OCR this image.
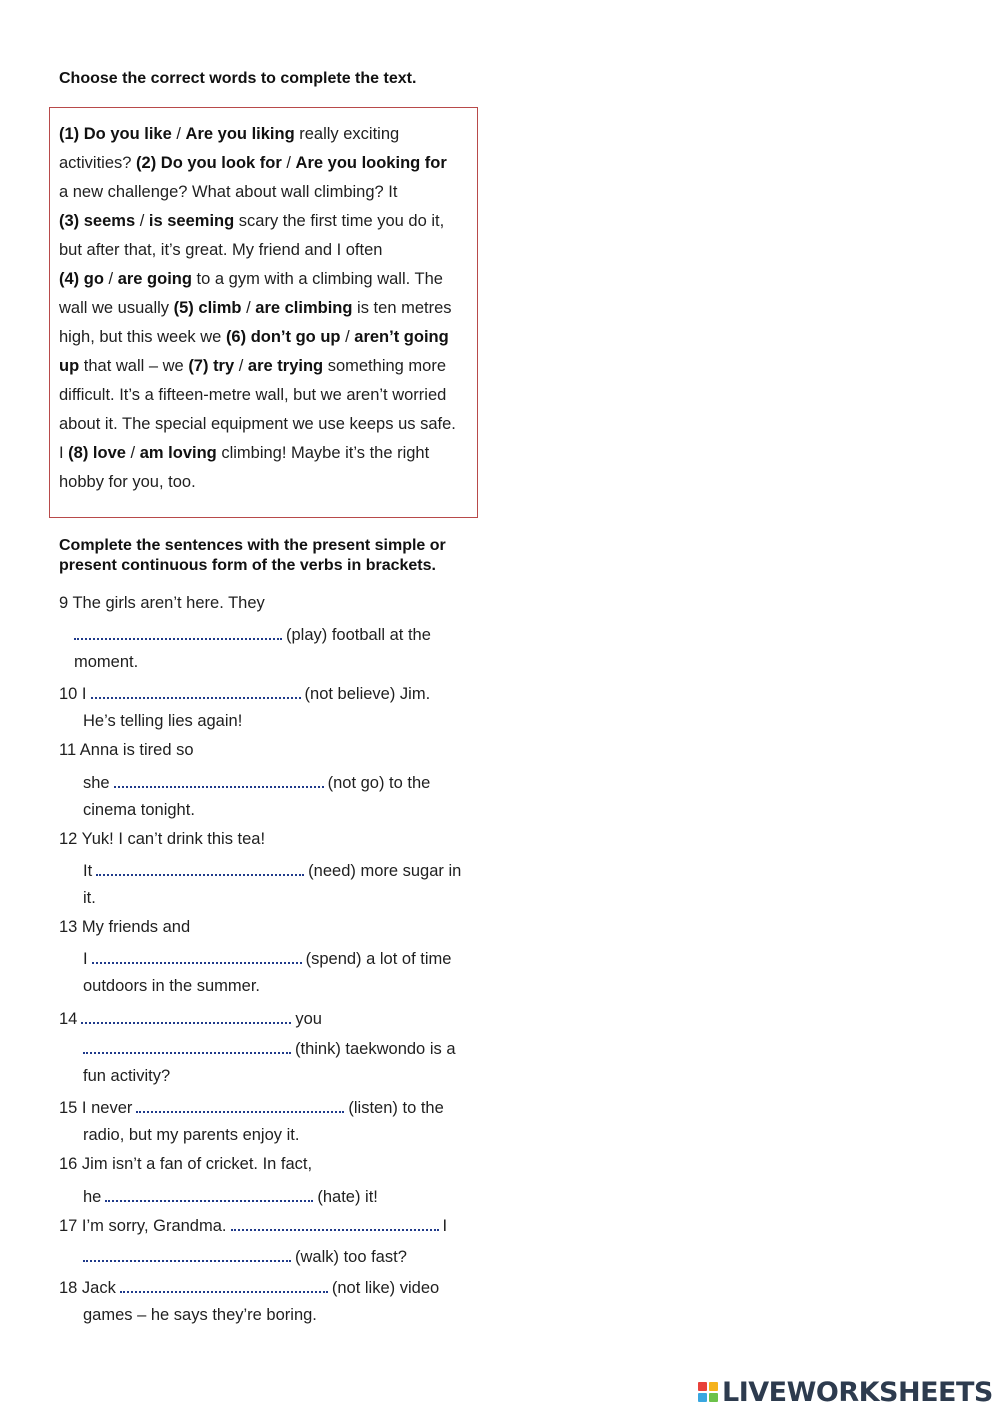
Choose the correct words to complete the text.
(1) Do you like / Are you liking really exciting
activities? (2) Do you look for / Are you looking for
a new challenge? What about wall climbing? It
(3) seems / is seeming scary the first time you do it,
but after that, it’s great. My friend and I often
(4) go / are going to a gym with a climbing wall. The
wall we usually (5) climb / are climbing is ten metres
high, but this week we (6) don’t go up / aren’t going
up that wall – we (7) try / are trying something more
difficult. It’s a fifteen-metre wall, but we aren’t worried
about it. The special equipment we use keeps us safe.
I (8) love / am loving climbing! Maybe it’s the right
hobby for you, too.
Complete the sentences with the present simple or present continuous form of the verbs in brackets.
9 The girls aren’t here. They
(play) football at the
moment.
10 I	(not believe) Jim.
He’s telling lies again!
11 Anna is tired so
she	(not go) to the
cinema tonight.
12 Yuk! I can’t drink this tea!
It	(need) more sugar in
it.
13 My friends and
I	(spend) a lot of time
outdoors in the summer.
14	you
(think) taekwondo is a
fun activity?
15 I never	(listen) to the
radio, but my parents enjoy it.
16 Jim isn’t a fan of cricket. In fact,
he	(hate) it!
17 I’m sorry, Grandma.	I
(walk) too fast?
18 Jack	(not like) video
games – he says they’re boring.
LIVEWORKSHEETS
